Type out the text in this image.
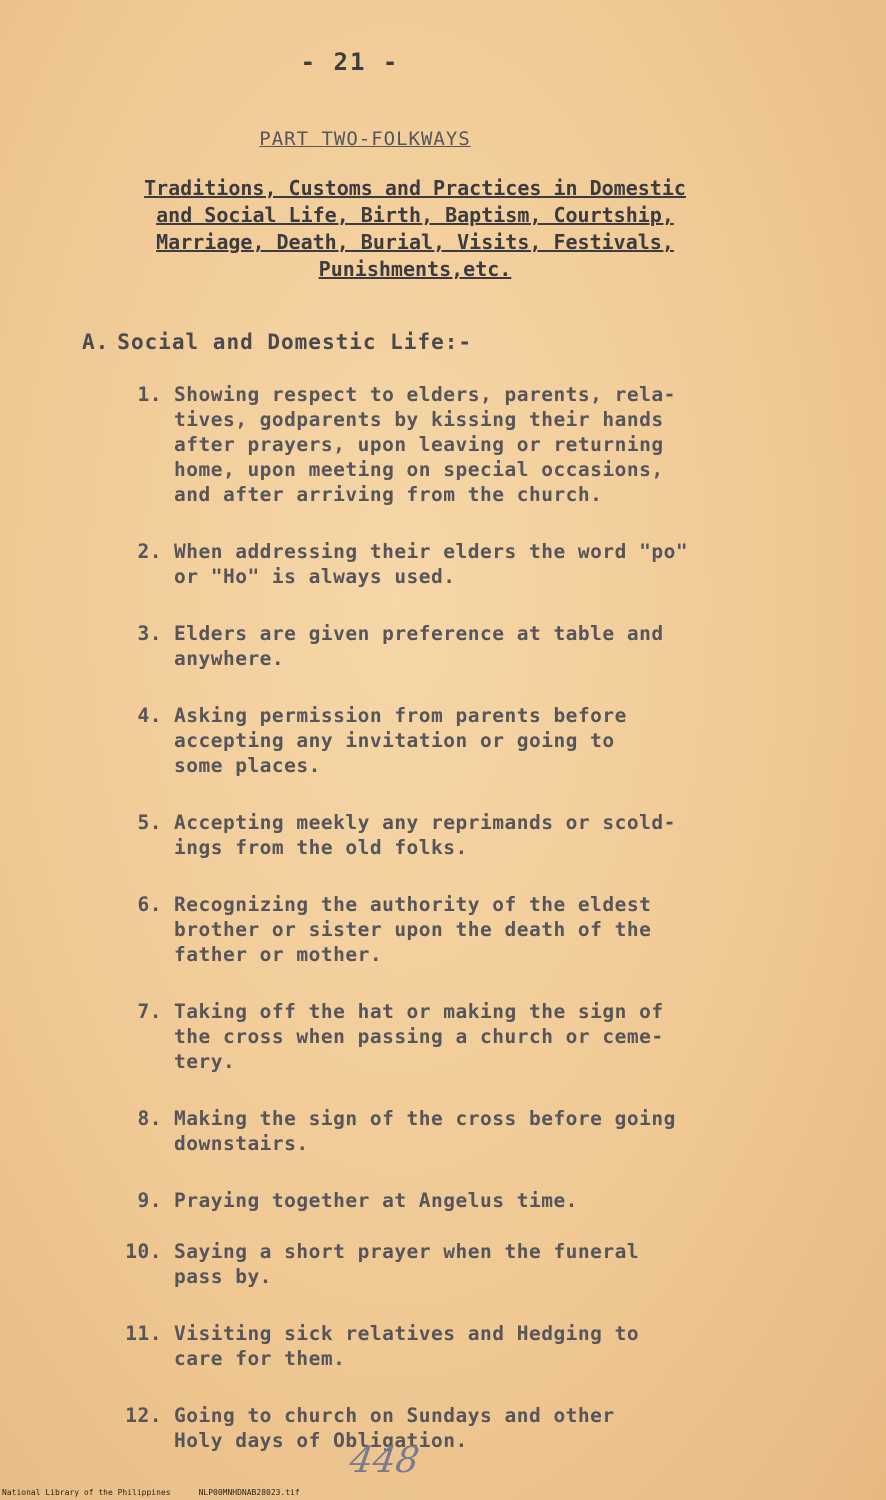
- 21 -
PART TWO-FOLKWAYS
Traditions, Customs and Practices in Domestic
and Social Life, Birth, Baptism, Courtship,
Marriage, Death, Burial, Visits, Festivals,
Punishments,etc.
A. Social and Domestic Life:-
1. Showing respect to elders, parents, rela-
tives, godparents by kissing their hands
after prayers, upon leaving or returning
home, upon meeting on special occasions,
and after arriving from the church.
2. When addressing their elders the word "po"
or "Ho" is always used.
3. Elders are given preference at table and
anywhere.
4. Asking permission from parents before
accepting any invitation or going to
some places.
5. Accepting meekly any reprimands or scold-
ings from the old folks.
6. Recognizing the authority of the eldest
brother or sister upon the death of the
father or mother.
7. Taking off the hat or making the sign of
the cross when passing a church or ceme-
tery.
8. Making the sign of the cross before going
downstairs.
9. Praying together at Angelus time.
10. Saying a short prayer when the funeral
pass by.
11. Visiting sick relatives and Hedging to
care for them.
12. Going to church on Sundays and other
Holy days of Obligation.
448
National Library of the Philippines	NLP00MNHDNAB28023.tif
